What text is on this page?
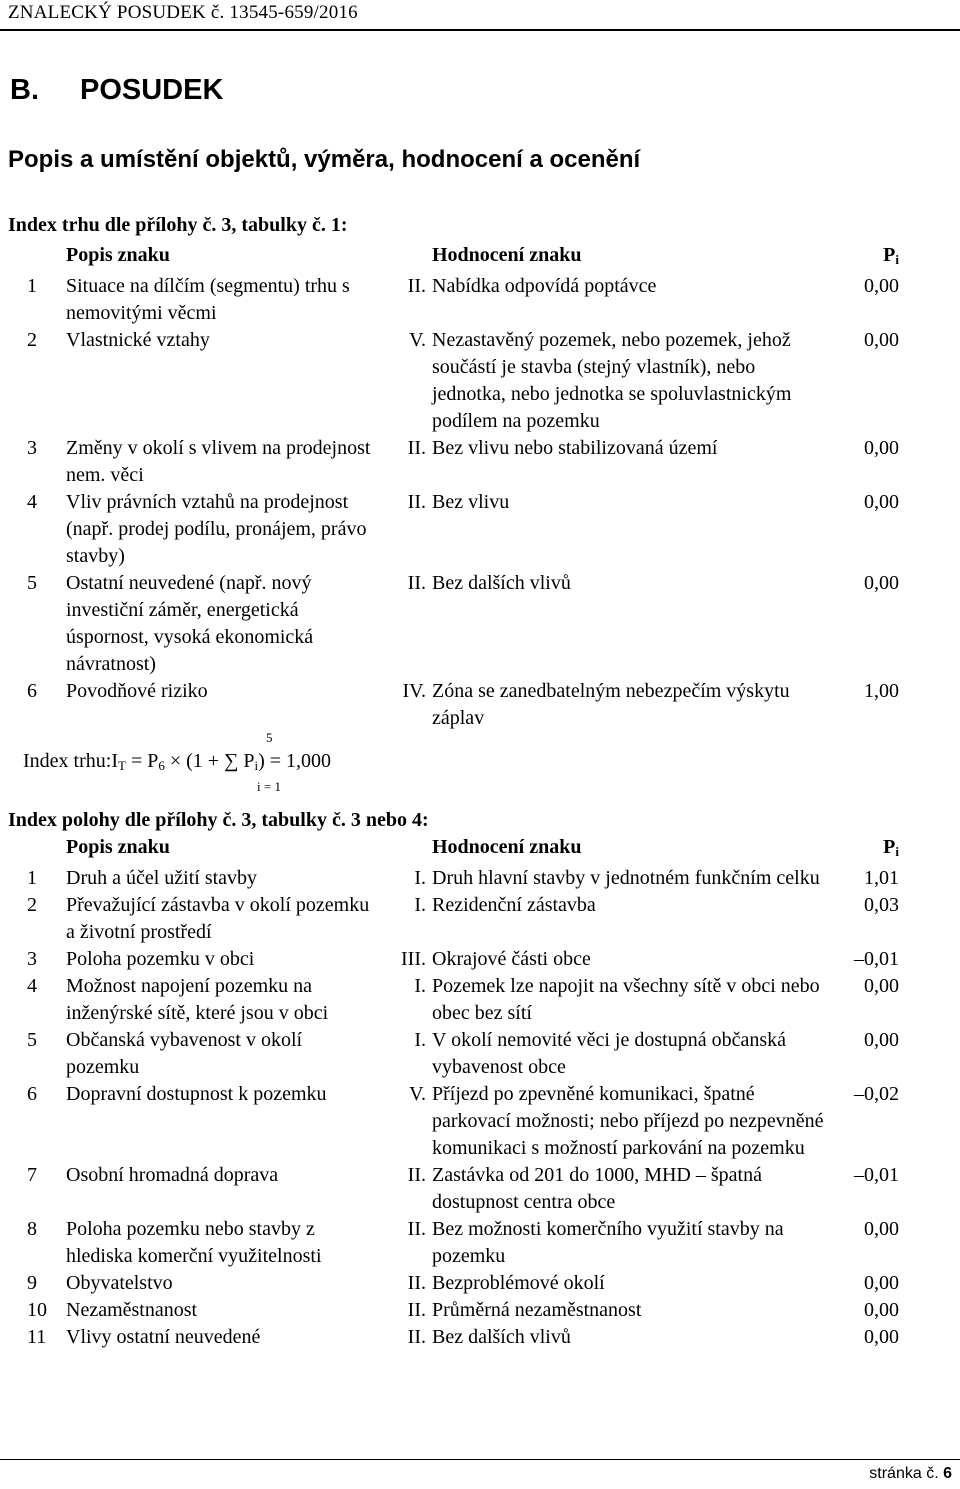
ZNALECKÝ POSUDEK č. 13545-659/2016
B. POSUDEK
Popis a umístění objektů, výměra, hodnocení a ocenění
Index trhu dle přílohy č. 3, tabulky č. 1:
	Popis znaku	Hodnocení znaku		$P_i$
1	Situace na dílčím (segmentu) trhu s nemovitými věcmi	II.	Nabídka odpovídá poptávce	0,00
2	Vlastnické vztahy	V.	Nezastavěný pozemek, nebo pozemek, jehož součástí je stavba (stejný vlastník), nebo jednotka, nebo jednotka se spoluvlastnickým podílem na pozemku	0,00
3	Změny v okolí s vlivem na prodejnost nem. věci	II.	Bez vlivu nebo stabilizovaná území	0,00
4	Vliv právních vztahů na prodejnost (např. prodej podílu, pronájem, právo stavby)	II.	Bez vlivu	0,00
5	Ostatní neuvedené (např. nový investiční záměr, energetická úspornost, vysoká ekonomická návratnost)	II.	Bez dalších vlivů	0,00
6	Povodňové riziko	IV.	Zóna se zanedbatelným nebezpečím výskytu záplav	1,00
5
Index $trhu:I_T = P_6 \times (1$ + ∑ $P_i) = 1,000$
i = 1
Index polohy dle přílohy č. 3, tabulky č. 3 nebo 4:
	Popis znaku	Hodnocení znaku		$P_i$
1	Druh a účel užití stavby	I.	Druh hlavní stavby v jednotném funkčním celku	1,01
2	Převažující zástavba v okolí pozemku a životní prostředí	I.	Rezidenční zástavba	0,03
3	Poloha pozemku v obci	III.	Okrajové části obce	–0,01
4	Možnost napojení pozemku na inženýrské sítě, které jsou v obci	I.	Pozemek lze napojit na všechny sítě v obci nebo obec bez sítí	0,00
5	Občanská vybavenost v okolí pozemku	I.	V okolí nemovité věci je dostupná občanská vybavenost obce	0,00
6	Dopravní dostupnost k pozemku	V.	Příjezd po zpevněné komunikaci, špatné parkovací možnosti; nebo příjezd po nezpevněné komunikaci s možností parkování na pozemku	–0,02
7	Osobní hromadná doprava	II.	Zastávka od 201 do 1000, MHD – špatná dostupnost centra obce	–0,01
8	Poloha pozemku nebo stavby z hlediska komerční využitelnosti	II.	Bez možnosti komerčního využití stavby na pozemku	0,00
9	Obyvatelstvo	II.	Bezproblémové okolí	0,00
10	Nezaměstnanost	II.	Průměrná nezaměstnanost	0,00
11	Vlivy ostatní neuvedené	II.	Bez dalších vlivů	0,00
stránka č. 6
